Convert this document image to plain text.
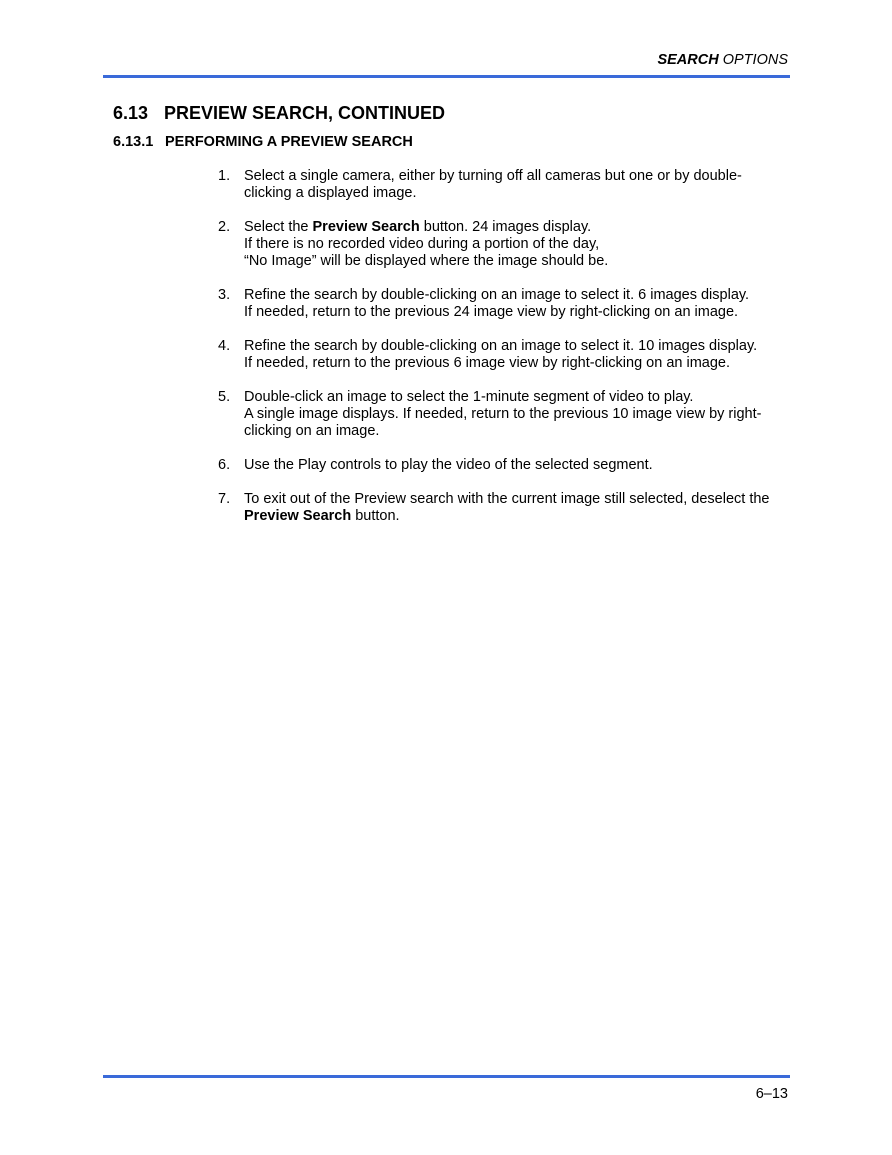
SEARCH OPTIONS
6.13 PREVIEW SEARCH, CONTINUED
6.13.1 PERFORMING A PREVIEW SEARCH
1. Select a single camera, either by turning off all cameras but one or by double-
clicking a displayed image.
2. Select the Preview Search button. 24 images display.
If there is no recorded video during a portion of the day,
“No Image” will be displayed where the image should be.
3. Refine the search by double-clicking on an image to select it. 6 images display.
If needed, return to the previous 24 image view by right-clicking on an image.
4. Refine the search by double-clicking on an image to select it. 10 images display.
If needed, return to the previous 6 image view by right-clicking on an image.
5. Double-click an image to select the 1-minute segment of video to play.
A single image displays. If needed, return to the previous 10 image view by right-
clicking on an image.
6. Use the Play controls to play the video of the selected segment.
7. To exit out of the Preview search with the current image still selected, deselect the
Preview Search button.
6–13
